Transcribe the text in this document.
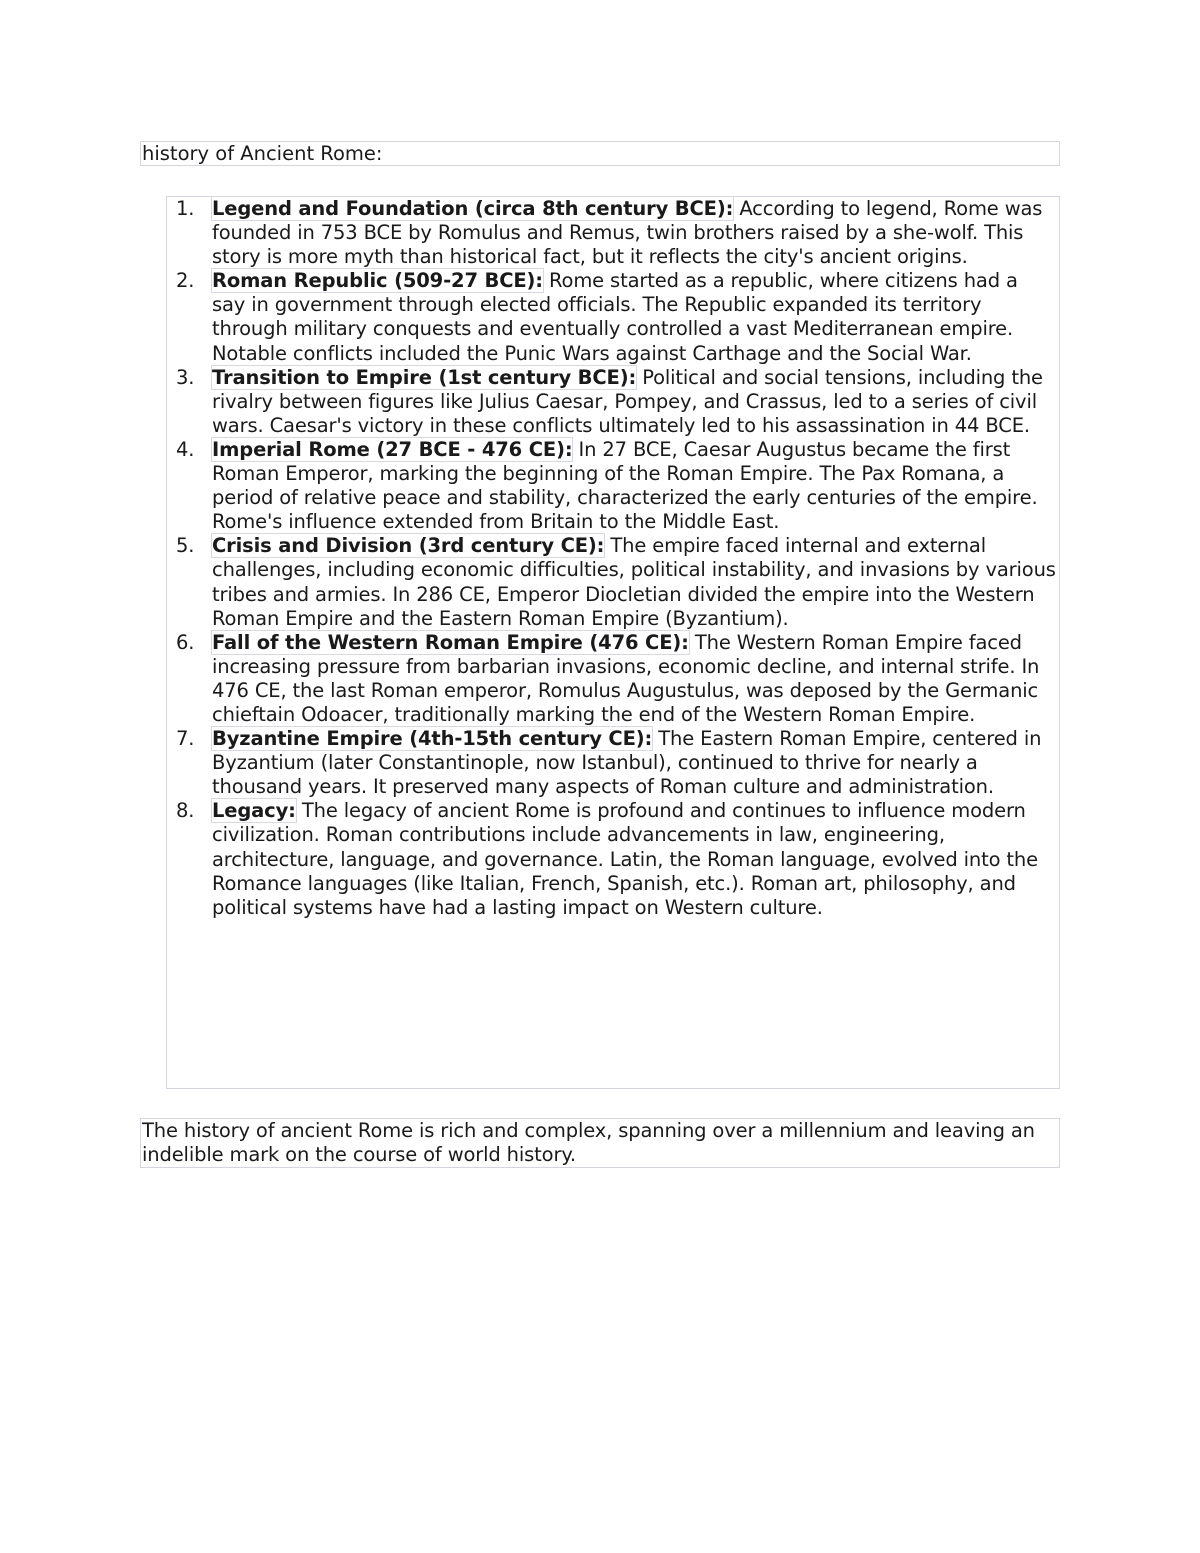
history of Ancient Rome:
1. Legend and Foundation (circa 8th century BCE): According to legend, Rome was founded in 753 BCE by Romulus and Remus, twin brothers raised by a she-wolf. This story is more myth than historical fact, but it reflects the city's ancient origins.
2. Roman Republic (509-27 BCE): Rome started as a republic, where citizens had a say in government through elected officials. The Republic expanded its territory through military conquests and eventually controlled a vast Mediterranean empire. Notable conflicts included the Punic Wars against Carthage and the Social War.
3. Transition to Empire (1st century BCE): Political and social tensions, including the rivalry between figures like Julius Caesar, Pompey, and Crassus, led to a series of civil wars. Caesar's victory in these conflicts ultimately led to his assassination in 44 BCE.
4. Imperial Rome (27 BCE - 476 CE): In 27 BCE, Caesar Augustus became the first Roman Emperor, marking the beginning of the Roman Empire. The Pax Romana, a period of relative peace and stability, characterized the early centuries of the empire. Rome's influence extended from Britain to the Middle East.
5. Crisis and Division (3rd century CE): The empire faced internal and external challenges, including economic difficulties, political instability, and invasions by various tribes and armies. In 286 CE, Emperor Diocletian divided the empire into the Western Roman Empire and the Eastern Roman Empire (Byzantium).
6. Fall of the Western Roman Empire (476 CE): The Western Roman Empire faced increasing pressure from barbarian invasions, economic decline, and internal strife. In 476 CE, the last Roman emperor, Romulus Augustulus, was deposed by the Germanic chieftain Odoacer, traditionally marking the end of the Western Roman Empire.
7. Byzantine Empire (4th-15th century CE): The Eastern Roman Empire, centered in Byzantium (later Constantinople, now Istanbul), continued to thrive for nearly a thousand years. It preserved many aspects of Roman culture and administration.
8. Legacy: The legacy of ancient Rome is profound and continues to influence modern civilization. Roman contributions include advancements in law, engineering, architecture, language, and governance. Latin, the Roman language, evolved into the Romance languages (like Italian, French, Spanish, etc.). Roman art, philosophy, and political systems have had a lasting impact on Western culture.
The history of ancient Rome is rich and complex, spanning over a millennium and leaving an indelible mark on the course of world history.
